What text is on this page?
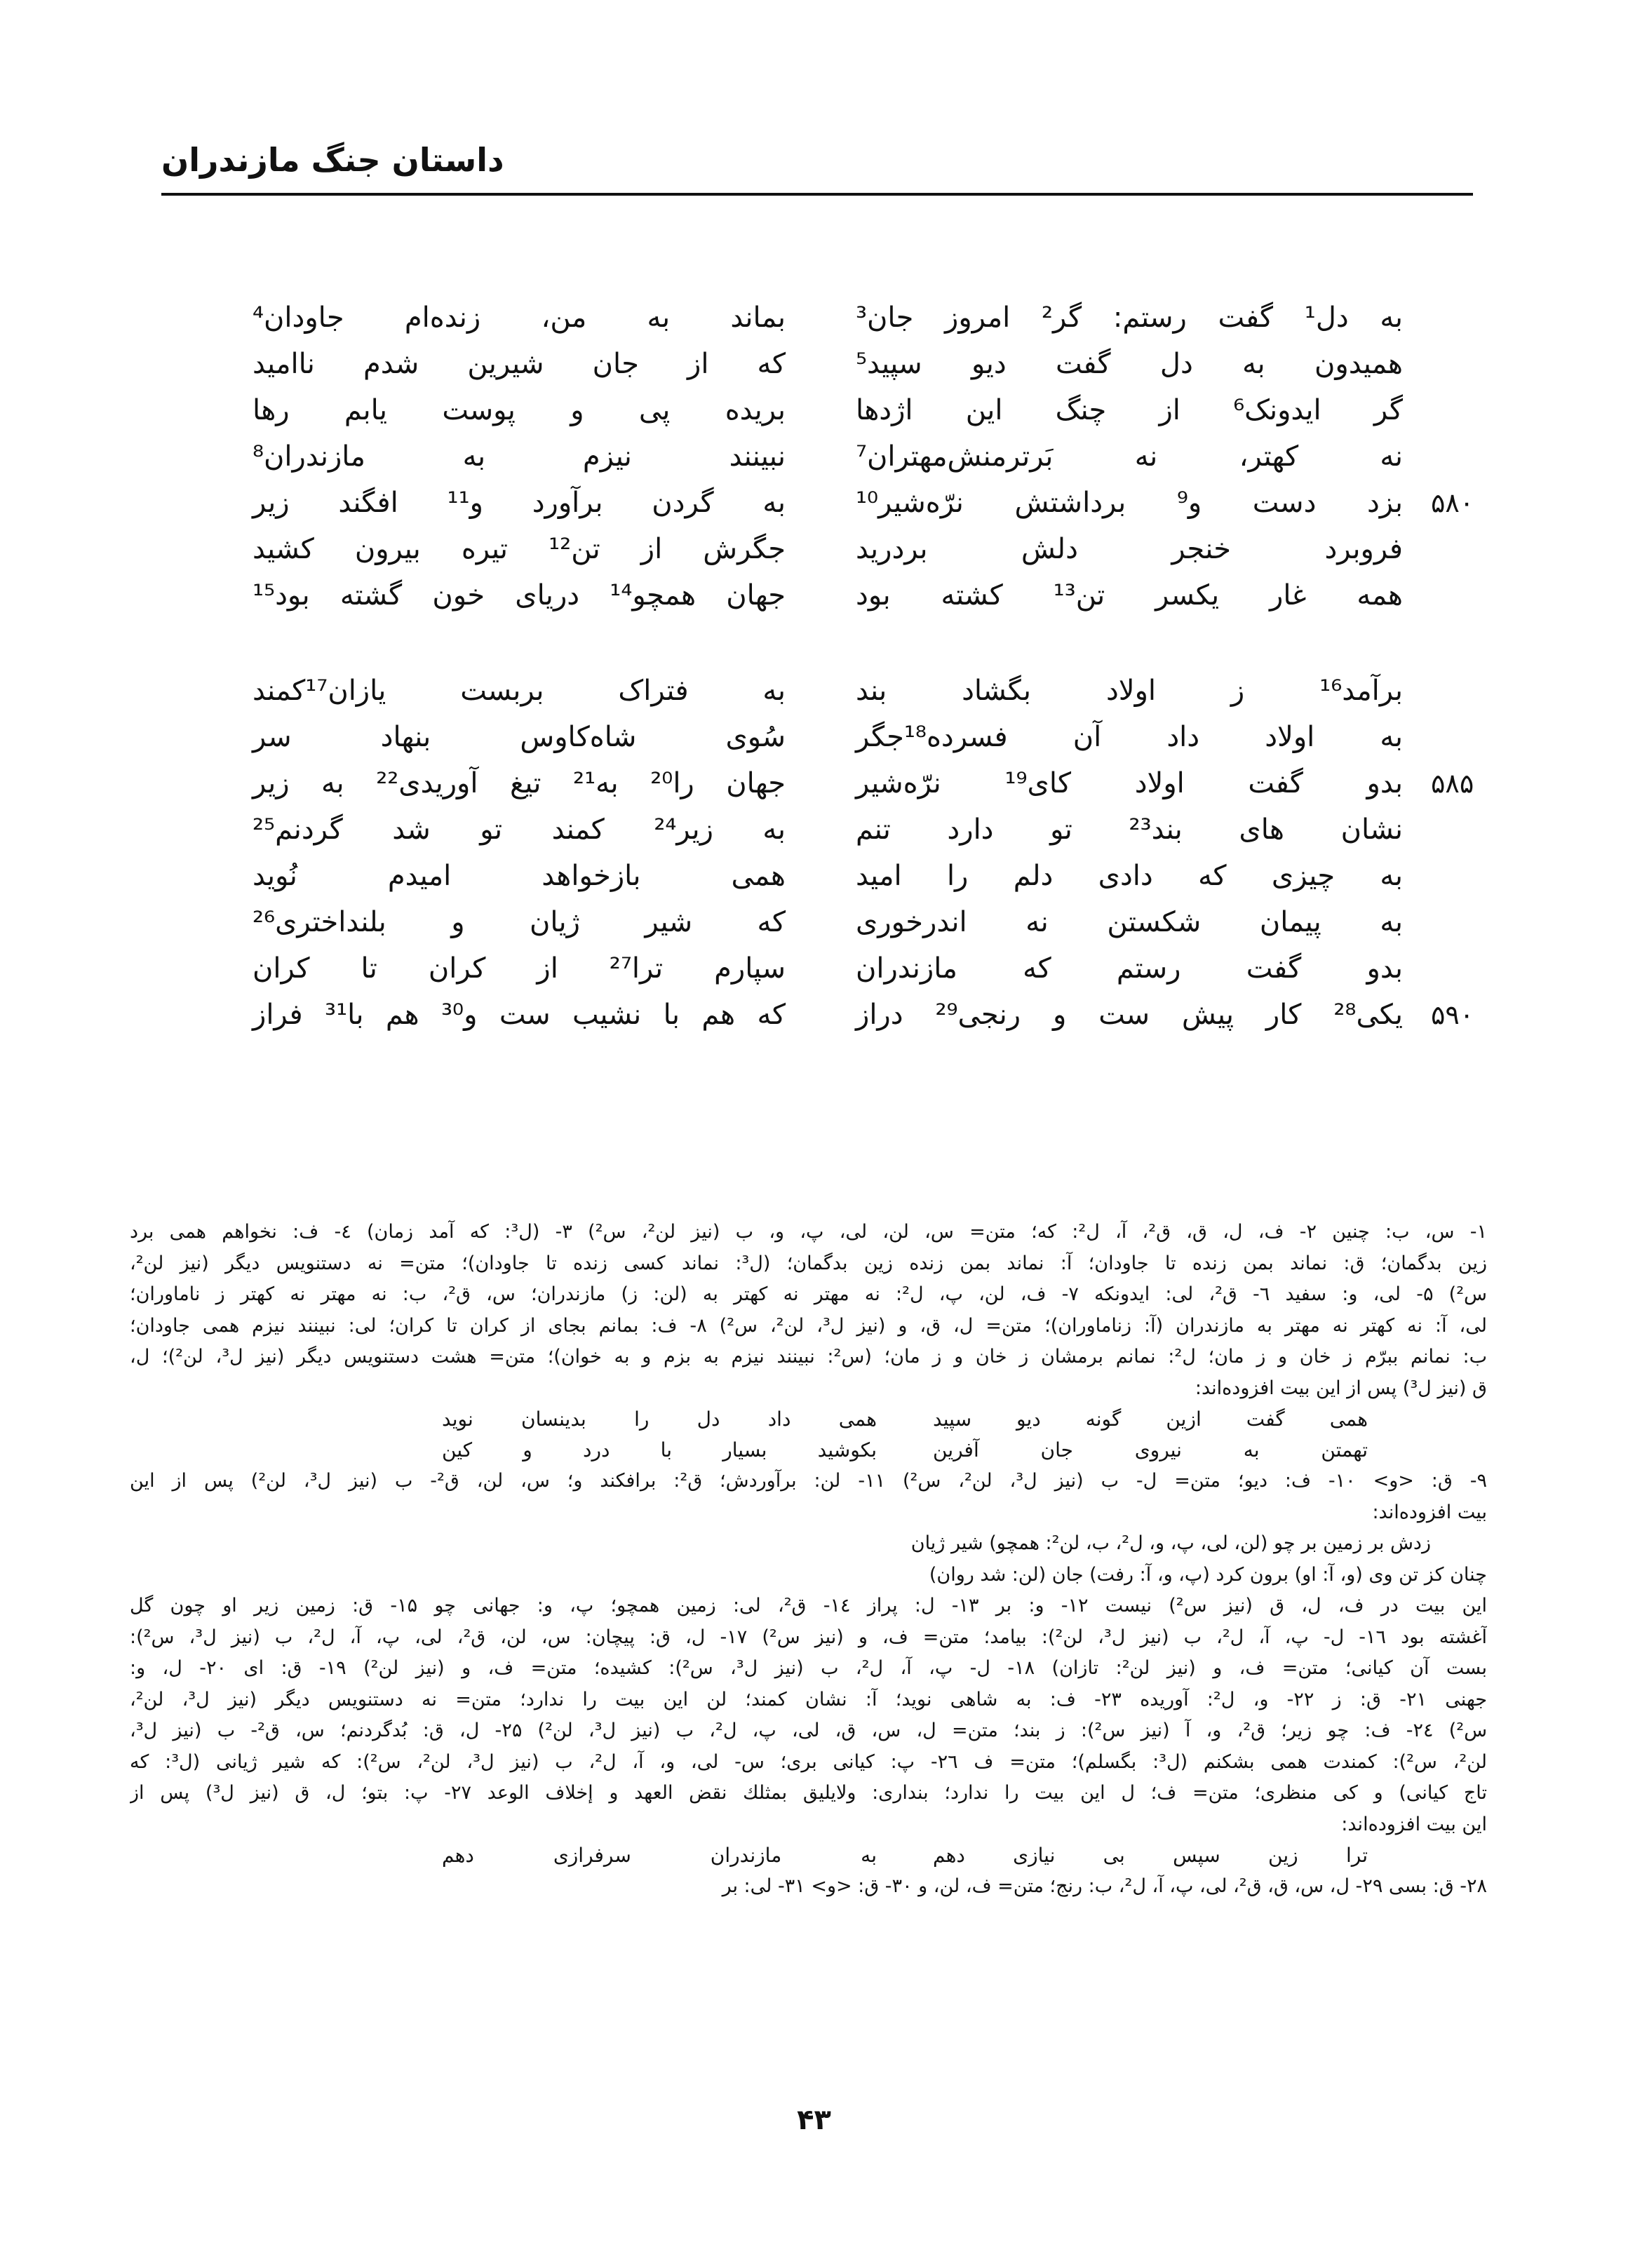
داستان جنگ مازندران
به دل¹ گفت رستم: گر² امروز جان³
بماند به من، زنده‌ام جاودان⁴
همیدون به دل گفت دیو سپید⁵
که از جان شیرین شدم ناامید
گر ایدونک⁶ از چنگ این اژدها
بریده پی و پوست یابم رها
نه کهتر، نه بَرترمنش‌مهتران⁷
نبینند نیزم به مازندران⁸
۵۸۰
بزد دست و⁹ برداشتش نرّه‌شیر¹⁰
به گردن برآورد و¹¹ افگند زیر
فروبرد خنجر دلش بردرید
جگرش از تن¹² تیره بیرون کشید
همه غار یکسر تن¹³ کشته بود
جهان همچو¹⁴ دریای خون گشته بود¹⁵
برآمد¹⁶ ز اولاد بگشاد بند
به فتراک بربست یازان¹⁷کمند
به اولاد داد آن فسرده¹⁸جگر
سُوی شاه‌کاوس بنهاد سر
۵۸۵
بدو گفت اولاد کای¹⁹ نرّه‌شیر
جهان را²⁰ به²¹ تیغ آوریدی²² به زیر
نشان های بند²³ تو دارد تنم
به زیر²⁴ کمند تو شد گردنم²⁵
به چیزی که دادی دلم را امید
همی بازخواهد امیدم نُوید
به پیمان شکستن نه اندرخوری
که شیر ژیان و بلنداختری²⁶
بدو گفت رستم که مازندران
سپارم ترا²⁷ از کران تا کران
۵۹۰
یکی²⁸ کار پیش ست و رنجی²⁹ دراز
که هم با نشیب ست و³⁰ هم با³¹ فراز
۱- س، ب: چنین ۲- ف، ل، ق، ق²، آ، ل²: که؛ متن= س، لن، لی، پ، و، ب (نیز لن²، س²) ۳- (ل³: که آمد زمان) ٤- ف: نخواهم همی برد
زین بدگمان؛ ق: نماند بمن زنده تا جاودان؛ آ: نماند بمن زنده زین بدگمان؛ (ل³: نماند کسی زنده تا جاودان)؛ متن= نه دستنویس دیگر (نیز لن²،
س²) ۵- لی، و: سفید ٦- ق²، لی: ایدونکه ۷- ف، لن، پ، ل²: نه مهتر نه کهتر به (لن: ز) مازندران؛ س، ق²، ب: نه مهتر نه کهتر ز ناماوران؛
لی، آ: نه کهتر نه مهتر به مازندران (آ: زناماوران)؛ متن= ل، ق، و (نیز ل³، لن²، س²) ۸- ف: بمانم بجای از کران تا کران؛ لی: نبینند نیزم همی جاودان؛
ب: نمانم ببرّم ز خان و ز مان؛ ل²: نمانم برمشان ز خان و ز مان؛ (س²: نبینند نیزم به بزم و به خوان)؛ متن= هشت دستنویس دیگر (نیز ل³، لن²)؛ ل،
ق (نیز ل³) پس از این بیت افزوده‌اند:
همی گفت ازین گونه دیو سپید
همی داد دل را بدینسان نوید
تهمتن به نیروی جان آفرین
بکوشید بسیار با درد و کین
۹- ق: <و> ۱۰- ف: دیو؛ متن= ل- ب (نیز ل³، لن²، س²) ۱۱- لن: برآوردش؛ ق²: برافکند و؛ س، لن، ق²- ب (نیز ل³، لن²) پس از این
بیت افزوده‌اند:
زدش بر زمین بر چو (لن، لی، پ، و، ل²، ب، لن²: همچو) شیر ژیان
چنان کز تن وی (و، آ: او) برون کرد (پ، و، آ: رفت) جان (لن: شد روان)
این بیت در ف، ل، ق (نیز س²) نیست ۱۲- و: بر ۱۳- ل: پراز ۱٤- ق²، لی: زمین همچو؛ پ، و: جهانی چو ۱۵- ق: زمین زیر او چون گل
آغشته بود ۱٦- ل- پ، آ، ل²، ب (نیز ل³، لن²): بیامد؛ متن= ف، و (نیز س²) ۱۷- ل، ق: پیچان: س، لن، ق²، لی، پ، آ، ل²، ب (نیز ل³، س²):
بست آن کیانی؛ متن= ف، و (نیز لن²: تازان) ۱۸- ل- پ، آ، ل²، ب (نیز ل³، س²): کشیده؛ متن= ف، و (نیز لن²) ۱۹- ق: ای ۲۰- ل، و:
جهنی ۲۱- ق: ز ۲۲- و، ل²: آوریده ۲۳- ف: به شاهی نوید؛ آ: نشان کمند؛ لن این بیت را ندارد؛ متن= نه دستنویس دیگر (نیز ل³، لن²،
س²) ۲٤- ف: چو زیر؛ ق²، و، آ (نیز س²): ز بند؛ متن= ل، س، ق، لی، پ، ل²، ب (نیز ل³، لن²) ۲۵- ل، ق: بُدگردنم؛ س، ق²- ب (نیز ل³،
لن²، س²): کمندت همی بشکنم (ل³: بگسلم)؛ متن= ف ۲٦- پ: کیانی بری؛ س- لی، و، آ، ل²، ب (نیز ل³، لن²، س²): که شیر ژیانی (ل³: که
تاج کیانی) و کی منظری؛ متن= ف؛ ل این بیت را ندارد؛ بنداری: ولایلیق بمثلك نقض العهد و إخلاف الوعد ۲۷- پ: بتو؛ ل، ق (نیز ل³) پس از
این بیت افزوده‌اند:
ترا زین سپس بی نیازی دهم
به مازندران سرفرازی دهم
۲۸- ق: بسی ۲۹- ل، س، ق، ق²، لی، پ، آ، ل²، ب: رنج؛ متن= ف، لن، و ۳۰- ق: <و> ۳۱- لی: بر
۴۳
